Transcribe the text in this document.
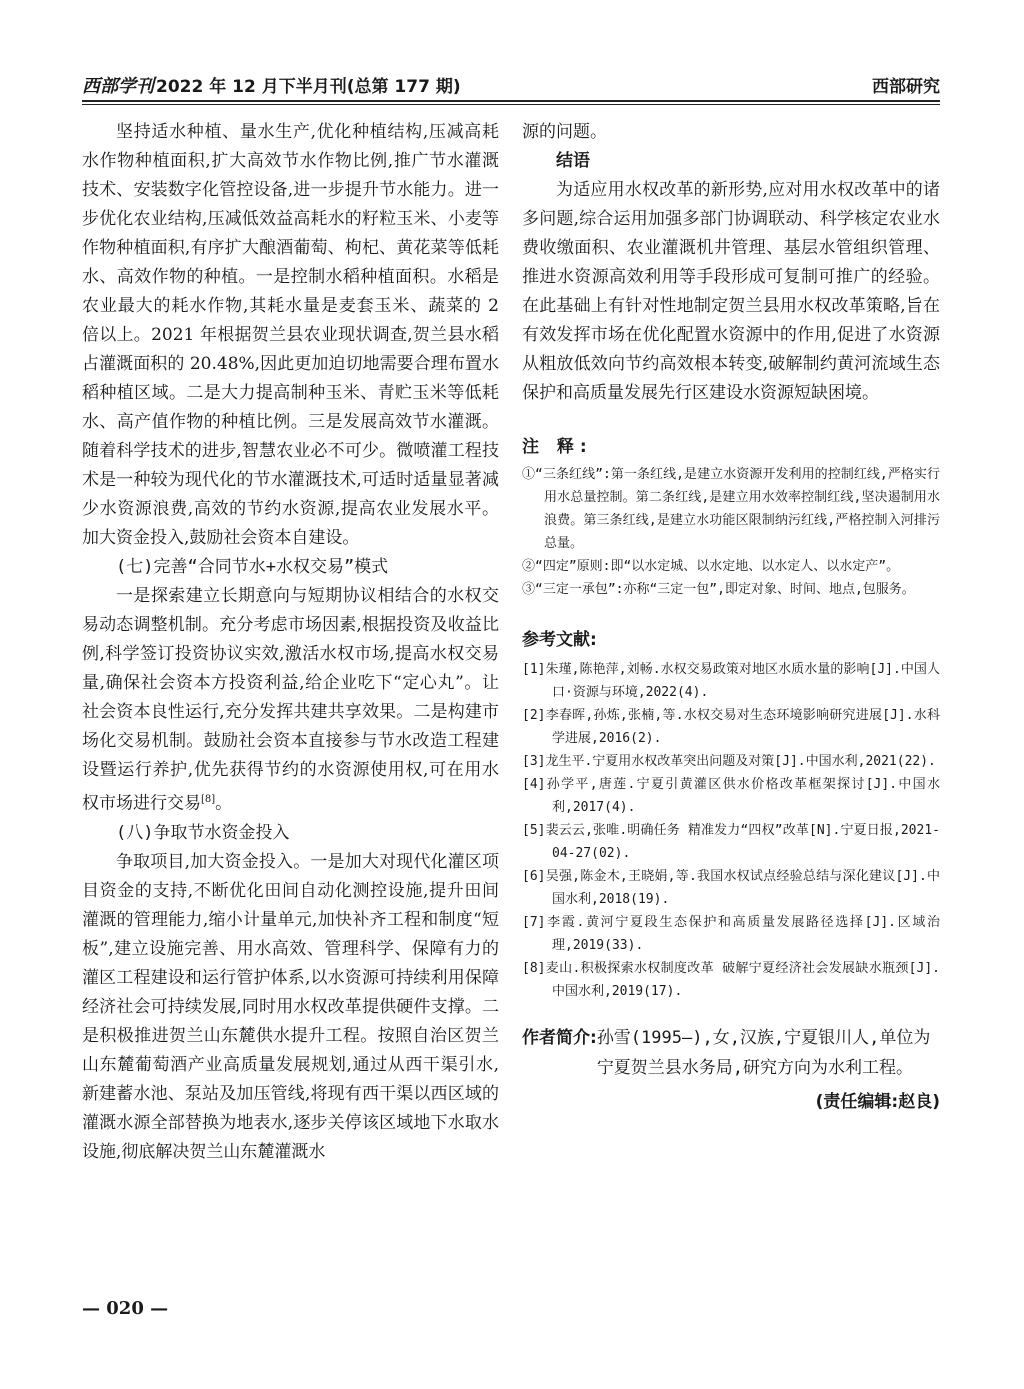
西部学刊 2022 年 12 月下半月刊(总第 177 期)	西部研究

坚持适水种植、量水生产,优化种植结构,压减高耗水作物种植面积,扩大高效节水作物比例,推广节水灌溉技术、安装数字化管控设备,进一步提升节水能力。进一步优化农业结构,压减低效益高耗水的籽粒玉米、小麦等作物种植面积,有序扩大酿酒葡萄、枸杞、黄花菜等低耗水、高效作物的种植。一是控制水稻种植面积。水稻是农业最大的耗水作物,其耗水量是麦套玉米、蔬菜的 2 倍以上。2021 年根据贺兰县农业现状调查,贺兰县水稻占灌溉面积的 20.48%,因此更加迫切地需要合理布置水稻种植区域。二是大力提高制种玉米、青贮玉米等低耗水、高产值作物的种植比例。三是发展高效节水灌溉。随着科学技术的进步,智慧农业必不可少。微喷灌工程技术是一种较为现代化的节水灌溉技术,可适时适量显著减少水资源浪费,高效的节约水资源,提高农业发展水平。加大资金投入,鼓励社会资本自建设。

(七)完善“合同节水+水权交易”模式

一是探索建立长期意向与短期协议相结合的水权交易动态调整机制。充分考虑市场因素,根据投资及收益比例,科学签订投资协议实效,激活水权市场,提高水权交易量,确保社会资本方投资利益,给企业吃下“定心丸”。让社会资本良性运行,充分发挥共建共享效果。二是构建市场化交易机制。鼓励社会资本直接参与节水改造工程建设暨运行养护,优先获得节约的水资源使用权,可在用水权市场进行交易[8]。

(八)争取节水资金投入

争取项目,加大资金投入。一是加大对现代化灌区项目资金的支持,不断优化田间自动化测控设施,提升田间灌溉的管理能力,缩小计量单元,加快补齐工程和制度“短板”,建立设施完善、用水高效、管理科学、保障有力的灌区工程建设和运行管护体系,以水资源可持续利用保障经济社会可持续发展,同时用水权改革提供硬件支撑。二是积极推进贺兰山东麓供水提升工程。按照自治区贺兰山东麓葡萄酒产业高质量发展规划,通过从西干渠引水,新建蓄水池、泵站及加压管线,将现有西干渠以西区域的灌溉水源全部替换为地表水,逐步关停该区域地下水取水设施,彻底解决贺兰山东麓灌溉水

源的问题。

结语

为适应用水权改革的新形势,应对用水权改革中的诸多问题,综合运用加强多部门协调联动、科学核定农业水费收缴面积、农业灌溉机井管理、基层水管组织管理、推进水资源高效利用等手段形成可复制可推广的经验。在此基础上有针对性地制定贺兰县用水权改革策略,旨在有效发挥市场在优化配置水资源中的作用,促进了水资源从粗放低效向节约高效根本转变,破解制约黄河流域生态保护和高质量发展先行区建设水资源短缺困境。

注 释:

①“三条红线”:第一条红线,是建立水资源开发利用的控制红线,严格实行用水总量控制。第二条红线,是建立用水效率控制红线,坚决遏制用水浪费。第三条红线,是建立水功能区限制纳污红线,严格控制入河排污总量。

②“四定”原则:即“以水定城、以水定地、以水定人、以水定产”。

③“三定一承包”:亦称“三定一包”,即定对象、时间、地点,包服务。

参考文献:

[1]朱瑾,陈艳萍,刘畅.水权交易政策对地区水质水量的影响[J].中国人口·资源与环境,2022(4).

[2]李春晖,孙炼,张楠,等.水权交易对生态环境影响研究进展[J].水科学进展,2016(2).

[3]龙生平.宁夏用水权改革突出问题及对策[J].中国水利,2021(22).

[4]孙学平,唐莲.宁夏引黄灌区供水价格改革框架探讨[J].中国水利,2017(4).

[5]裴云云,张唯.明确任务 精准发力“四权”改革[N].宁夏日报,2021-04-27(02).

[6]吴强,陈金木,王晓娟,等.我国水权试点经验总结与深化建议[J].中国水利,2018(19).

[7]李霞.黄河宁夏段生态保护和高质量发展路径选择[J].区域治理,2019(33).

[8]麦山.积极探索水权制度改革 破解宁夏经济社会发展缺水瓶颈[J].中国水利,2019(17).

作者简介: 孙雪(1995—),女,汉族,宁夏银川人,单位为宁夏贺兰县水务局,研究方向为水利工程。
(责任编辑:赵良)
— 020 —
